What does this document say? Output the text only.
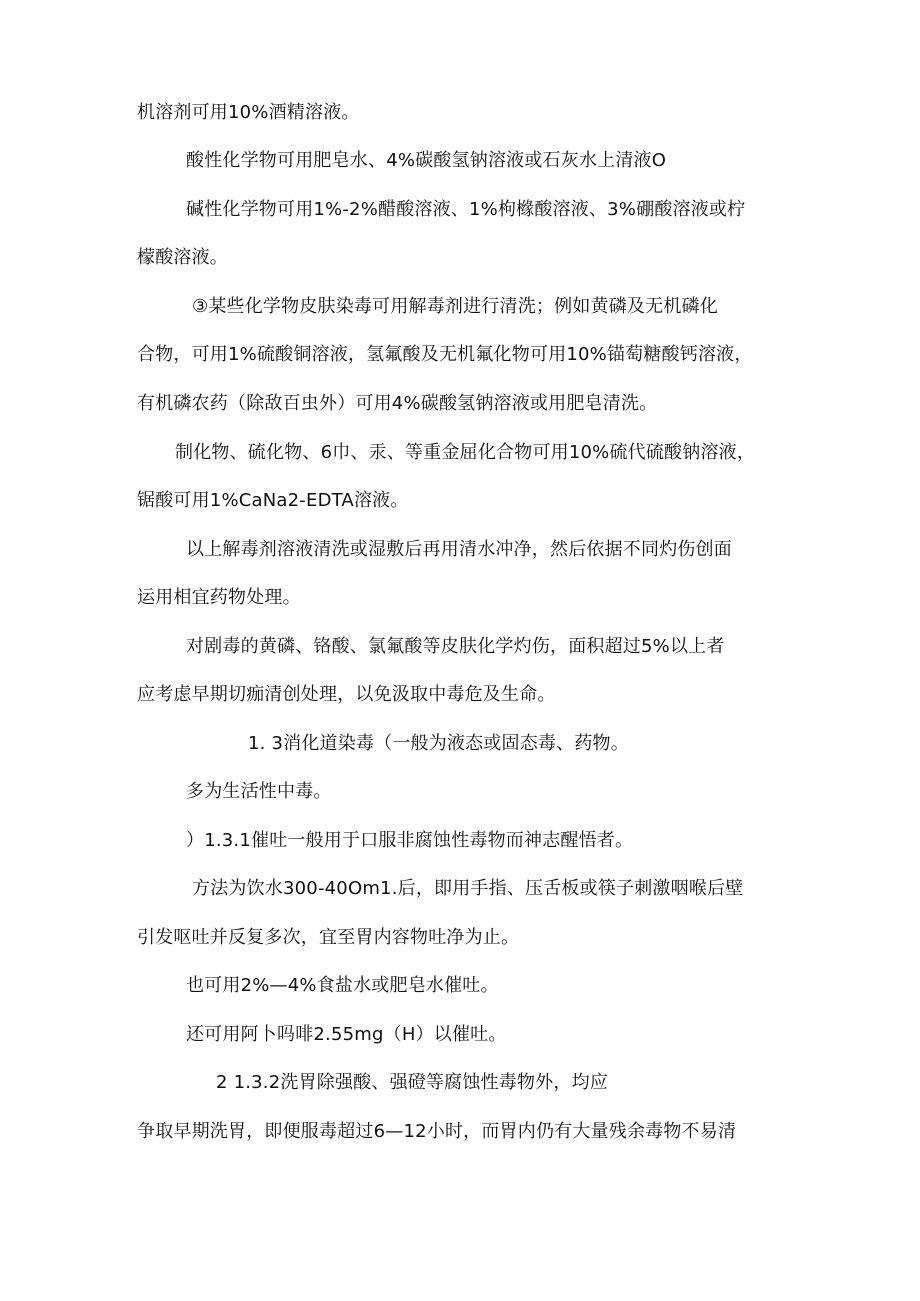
机溶剂可用10%酒精溶液。
酸性化学物可用肥皂水、4%碳酸氢钠溶液或石灰水上清液O
碱性化学物可用1%-2%醋酸溶液、1%枸橼酸溶液、3%硼酸溶液或柠
檬酸溶液。
③某些化学物皮肤染毒可用解毒剂进行清洗；例如黄磷及无机磷化
合物，可用1%硫酸铜溶液，氢氟酸及无机氟化物可用10%锚萄糖酸钙溶液，
有机磷农药（除敌百虫外）可用4%碳酸氢钠溶液或用肥皂清洗。
制化物、硫化物、6巾、汞、等重金屈化合物可用10%硫代硫酸钠溶液，
锯酸可用1%CaNa2-EDTA溶液。
以上解毒剂溶液清洗或湿敷后再用清水冲净，然后依据不同灼伤创面
运用相宜药物处理。
对剧毒的黄磷、铬酸、氯氟酸等皮肤化学灼伤，面积超过5%以上者
应考虑早期切痂清创处理，以免汲取中毒危及生命。
1. 3消化道染毒（一般为液态或固态毒、药物。
多为生活性中毒。
）1.3.1催吐一般用于口服非腐蚀性毒物而神志醒悟者。
方法为饮水300-40Om1.后，即用手指、压舌板或筷子刺激咽喉后壁
引发呕吐并反复多次，宜至胃内容物吐净为止。
也可用2%—4%食盐水或肥皂水催吐。
还可用阿卜吗啡2.55mg（H）以催吐。
2 1.3.2洗胃除强酸、强磴等腐蚀性毒物外，均应
争取早期洗胃，即便服毒超过6—12小时，而胃内仍有大量残余毒物不易清
